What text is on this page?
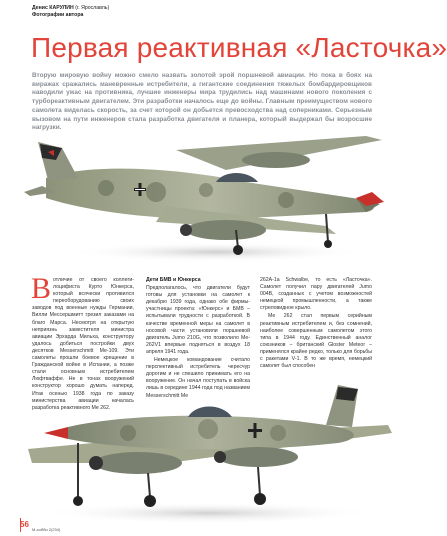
Денис КАРУЛИН (г. Ярославль)
Фотографии автора
Первая реактивная «Ласточка»
Вторую мировую войну можно смело назвать золотой эрой поршневой авиации. Но пока в боях на виражах сражались маневренные истребители, а гигантские соединения тяжелых бомбардировщиков наводили ужас на противника, лучшие инженеры мира трудились над машинами нового поколения с турбореактивным двигателем. Эти разработки началось еще до войны. Главным преимуществом нового самолета виделась скорость, за счет которой он добьется превосходства над соперниками. Серьезным вызовом на пути инженеров стала разработка двигателя и планера, который выдержал бы возросшие нагрузки.
В отличие от своего коллеги-лоцифиста Курто Юнкерса, который всячески противился переоборудованию своих заводов под военные нужды Германии, Вилли Мессершмитт грезил заказами на благо Марса. Несмотря на открытую неприязнь заместителя министра авиации Эрхарда Мильха, конструктору удалось добиться постройки двух десятков Messerschmitt Me-109. Эти самолеты прошли боевое крещение в Гражданской войне в Испании, а позже стали основным истребителем Люфтваффе. Не в тонах вооружений конструктор хорошо думать наперед. Итак осенью 1938 года по заказу министерства авиации началась разработка реактивного Me 262.
Дети БМВ и Юнкерса
Предполагалось, что двигатели будут готовы для установки на самолет к декабрю 1939 года, однако обе фирмы-участницы проекта: «Юнкерс» и БМВ – испытывали трудности с разработкой. В качестве временной меры на самолет в носовой части установили поршневой двигатель Jumo 210G, что позволило Me-262V1 впервые подняться в воздух 18 апреля 1941 года.
Немецкое командование считало перспективный истребитель чересчур дорогим и не спешило принимать его на вооружение. Он начал поступать в войска лишь в середине 1944 года под названием Messerschmitt Me
262A-1a Schwalbe, то есть «Ласточка». Самолет получил пару двигателей Jumo 004B, созданных с учетом возможностей немецкой промышленности, а также стреловидное крыло.
Me 262 стал первым серийным реактивным истребителем и, без сомнений, наиболее совершенным самолетом этого типа в 1944 году. Единственный аналог союзников – британский Gloster Meteor – применялся крайне редко, только для борьбы с ракетами V-1. В то же время, немецкий самолет был способен
56
М-хобби 2(234)
